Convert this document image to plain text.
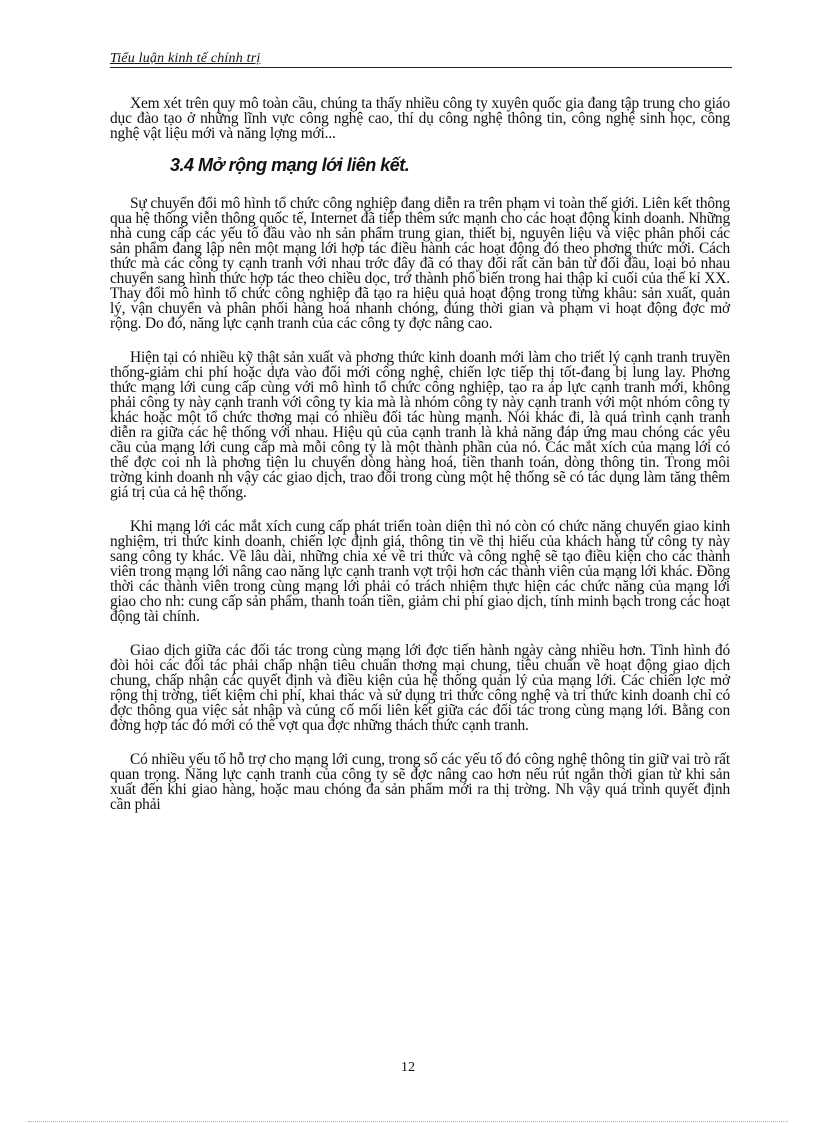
Tiểu luận kinh tế chính trị

Xem xét trên quy mô toàn cầu, chúng ta thấy nhiều công ty xuyên quốc gia đang tập trung cho giáo dục đào tạo ở những lĩnh vực công nghệ cao, thí dụ công nghệ thông tin, công nghệ sinh học, công nghệ vật liệu mới và năng lợng mới...

3.4 Mở rộng mạng lới liên kết.

Sự chuyển đổi mô hình tổ chức công nghiệp đang diễn ra trên phạm vi toàn thế giới. Liên kết thông qua hệ thống viễn thông quốc tế, Internet đã tiếp thêm sức mạnh cho các hoạt động kinh doanh. Những nhà cung cấp các yếu tố đầu vào nh sản phẩm trung gian, thiết bị, nguyên liệu và việc phân phối các sản phẩm đang lập nên một mạng lới hợp tác điều hành các hoạt động đó theo phơng thức mới. Cách thức mà các công ty cạnh tranh với nhau trớc đây đã có thay đổi rất căn bản từ đối đầu, loại bỏ nhau chuyển sang hình thức hợp tác theo chiều dọc, trở thành phổ biến trong hai thập kỉ cuối của thế kỉ XX. Thay đổi mô hình tổ chức công nghiệp đã tạo ra hiệu quả hoạt động trong từng khâu: sản xuất, quản lý, vận chuyển và phân phối hàng hoá nhanh chóng, đúng thời gian và phạm vi hoạt động đợc mở rộng. Do đó, năng lực cạnh tranh của các công ty đợc nâng cao.

Hiện tại có nhiều kỹ thật sản xuất và phơng thức kinh doanh mới làm cho triết lý cạnh tranh truyền thống-giảm chi phí hoặc dựa vào đổi mới công nghệ, chiến lợc tiếp thị tốt-đang bị lung lay. Phơng thức mạng lới cung cấp cùng với mô hình tổ chức công nghiệp, tạo ra áp lực cạnh tranh mới, không phải công ty này cạnh tranh với công ty kia mà là nhóm công ty này cạnh tranh với một nhóm công ty khác hoặc một tổ chức thơng mại có nhiều đối tác hùng mạnh. Nói khác đi, là quá trình cạnh tranh diễn ra giữa các hệ thống với nhau. Hiệu qủ của cạnh tranh là khả năng đáp ứng mau chóng các yêu cầu của mạng lới cung cấp mà mỗi công ty là một thành phần của nó. Các mắt xích của mạng lới có thể đợc coi nh là phơng tiện lu chuyển dòng hàng hoá, tiền thanh toán, dòng thông tin. Trong môi trờng kinh doanh nh vậy các giao dịch, trao đổi trong cùng một hệ thống sẽ có tác dụng làm tăng thêm giá trị của cả hệ thống.

Khi mạng lới các mắt xích cung cấp phát triển toàn diện thì nó còn có chức năng chuyển giao kinh nghiệm, tri thức kinh doanh, chiến lợc định giá, thông tin về thị hiếu của khách hàng từ công ty này sang công ty khác. Về lâu dài, những chia xẻ về tri thức và công nghệ sẽ tạo điều kiện cho các thành viên trong mạng lới nâng cao năng lực cạnh tranh vợt trội hơn các thành viên của mạng lới khác. Đồng thời các thành viên trong cùng mạng lới phải có trách nhiệm thực hiện các chức năng của mạng lới giao cho nh: cung cấp sản phẩm, thanh toán tiền, giảm chi phí giao dịch, tính minh bạch trong các hoạt động tài chính.

Giao dịch giữa các đối tác trong cùng mạng lới đợc tiến hành ngày càng nhiều hơn. Tình hình đó đòi hỏi các đối tác phải chấp nhận tiêu chuẩn thơng mại chung, tiêu chuẩn về hoạt động giao dịch chung, chấp nhận các quyết định và điều kiện của hệ thống quản lý của mạng lới. Các chiến lợc mở rộng thị trờng, tiết kiệm chi phí, khai thác và sử dụng tri thức công nghệ và tri thức kinh doanh chỉ có đợc thông qua việc sát nhập và củng cố mối liên kết giữa các đối tác trong cùng mạng lới. Bằng con đờng hợp tác đó mới có thể vợt qua đợc những thách thức cạnh tranh.

Có nhiều yếu tố hỗ trợ cho mạng lới cung, trong số các yếu tố đó công nghệ thông tin giữ vai trò rất quan trọng. Năng lực cạnh tranh của công ty sẽ đợc nâng cao hơn nếu rút ngắn thời gian từ khi sản xuất đến khi giao hàng, hoặc mau chóng đa sản phẩm mới ra thị trờng. Nh vậy quá trình quyết định cần phải

12
